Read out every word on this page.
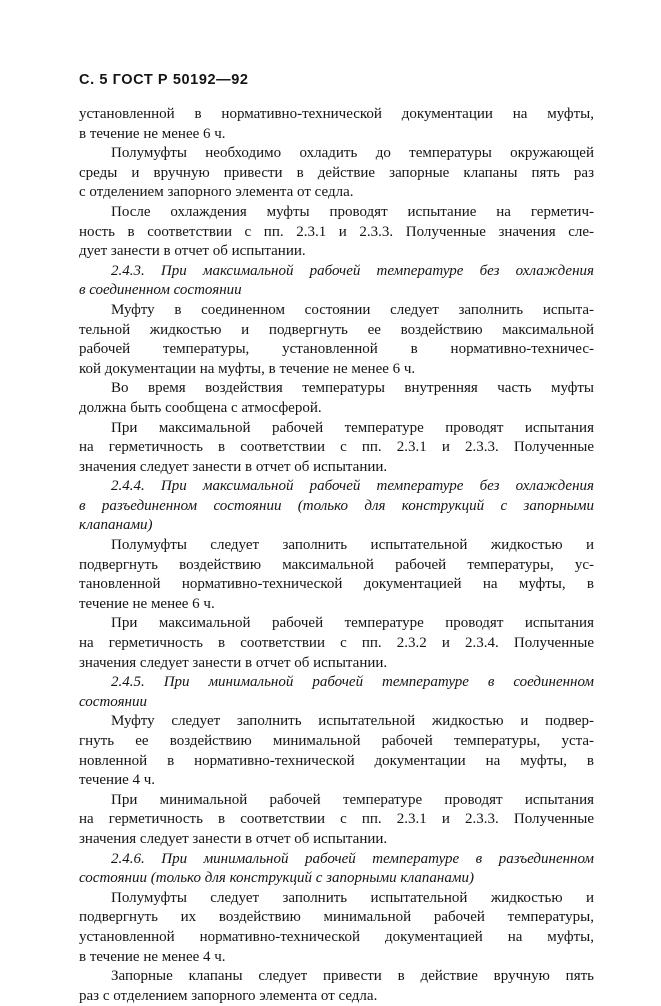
С. 5 ГОСТ Р 50192—92
установленной в нормативно-технической документации на муфты,
в течение не менее 6 ч.
Полумуфты необходимо охладить до температуры окружающей
среды и вручную привести в действие запорные клапаны пять раз
с отделением запорного элемента от седла.
После охлаждения муфты проводят испытание на герметич-
ность в соответствии с пп. 2.3.1 и 2.3.3. Полученные значения сле-
дует занести в отчет об испытании.
2.4.3. При максимальной рабочей температуре без охлаждения
в соединенном состоянии
Муфту в соединенном состоянии следует заполнить испыта-
тельной жидкостью и подвергнуть ее воздействию максимальной
рабочей температуры, установленной в нормативно-техничес-
кой документации на муфты, в течение не менее 6 ч.
Во время воздействия температуры внутренняя часть муфты
должна быть сообщена с атмосферой.
При максимальной рабочей температуре проводят испытания
на герметичность в соответствии с пп. 2.3.1 и 2.3.3. Полученные
значения следует занести в отчет об испытании.
2.4.4. При максимальной рабочей температуре без охлаждения
в разъединенном состоянии (только для конструкций с запорными
клапанами)
Полумуфты следует заполнить испытательной жидкостью и
подвергнуть воздействию максимальной рабочей температуры, ус-
тановленной нормативно-технической документацией на муфты, в
течение не менее 6 ч.
При максимальной рабочей температуре проводят испытания
на герметичность в соответствии с пп. 2.3.2 и 2.3.4. Полученные
значения следует занести в отчет об испытании.
2.4.5. При минимальной рабочей температуре в соединенном
состоянии
Муфту следует заполнить испытательной жидкостью и подвер-
гнуть ее воздействию минимальной рабочей температуры, уста-
новленной в нормативно-технической документации на муфты, в
течение 4 ч.
При минимальной рабочей температуре проводят испытания
на герметичность в соответствии с пп. 2.3.1 и 2.3.3. Полученные
значения следует занести в отчет об испытании.
2.4.6. При минимальной рабочей температуре в разъединенном
состоянии (только для конструкций с запорными клапанами)
Полумуфты следует заполнить испытательной жидкостью и
подвергнуть их воздействию минимальной рабочей температуры,
установленной нормативно-технической документацией на муфты,
в течение не менее 4 ч.
Запорные клапаны следует привести в действие вручную пять
раз с отделением запорного элемента от седла.
